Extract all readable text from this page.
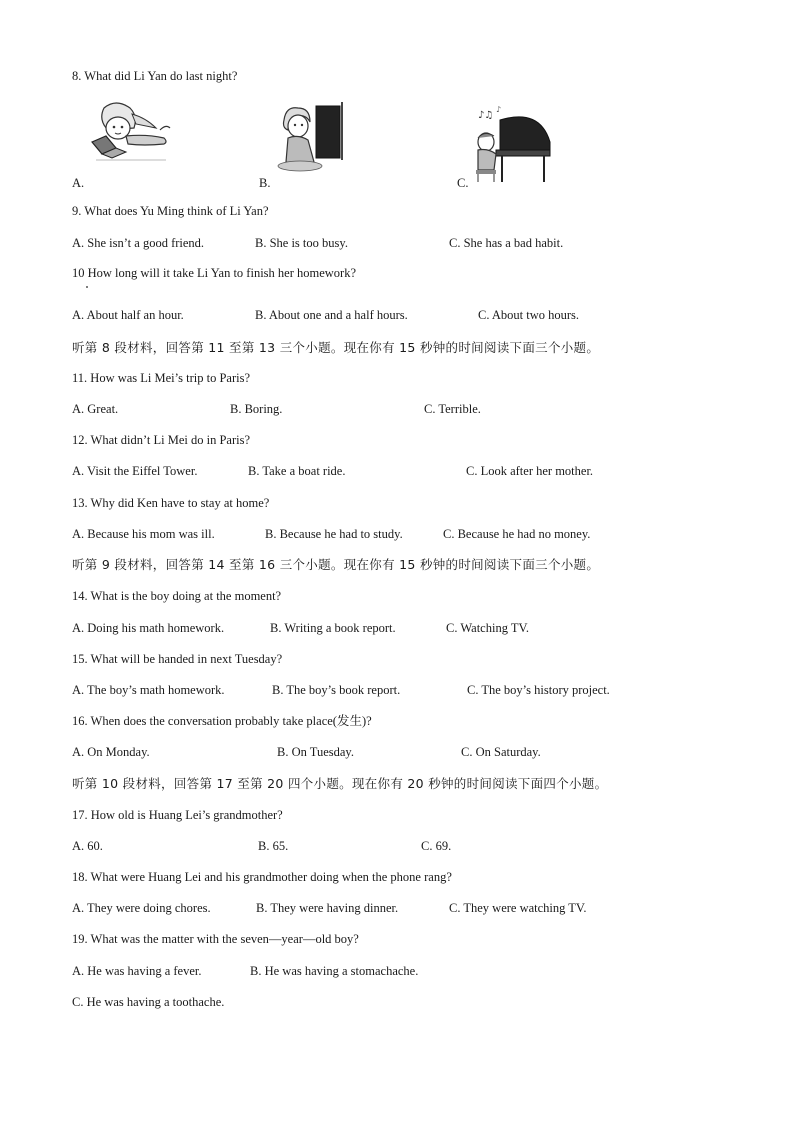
8. What did Li Yan do last night?
A.	B.
♪♫
♪
C.
9. What does Yu Ming think of Li Yan?
A. She isn’t a good friend.	B. She is too busy.	C. She has a bad habit.
10 How long will it take Li Yan to finish her homework?
A. About half an hour.	B. About one and a half hours.	C. About two hours.
听第 8 段材料，回答第 11 至第 13 三个小题。现在你有 15 秒钟的时间阅读下面三个小题。
11. How was Li Mei’s trip to Paris?
A. Great.	B. Boring.	C. Terrible.
12. What didn’t Li Mei do in Paris?
A. Visit the Eiffel Tower.	B. Take a boat ride.	C. Look after her mother.
13. Why did Ken have to stay at home?
A. Because his mom was ill.	B. Because he had to study.	C. Because he had no money.
听第 9 段材料，回答第 14 至第 16 三个小题。现在你有 15 秒钟的时间阅读下面三个小题。
14. What is the boy doing at the moment?
A. Doing his math homework.	B. Writing a book report.	C. Watching TV.
15. What will be handed in next Tuesday?
A. The boy’s math homework.	B. The boy’s book report.	C. The boy’s history project.
16. When does the conversation probably take place(发生)?
A. On Monday.	B. On Tuesday.	C. On Saturday.
听第 10 段材料，回答第 17 至第 20 四个小题。现在你有 20 秒钟的时间阅读下面四个小题。
17. How old is Huang Lei’s grandmother?
A. 60.	B. 65.	C. 69.
18. What were Huang Lei and his grandmother doing when the phone rang?
A. They were doing chores.	B. They were having dinner.	C. They were watching TV.
19. What was the matter with the seven—year—old boy?
A. He was having a fever.	B. He was having a stomachache.
C. He was having a toothache.
